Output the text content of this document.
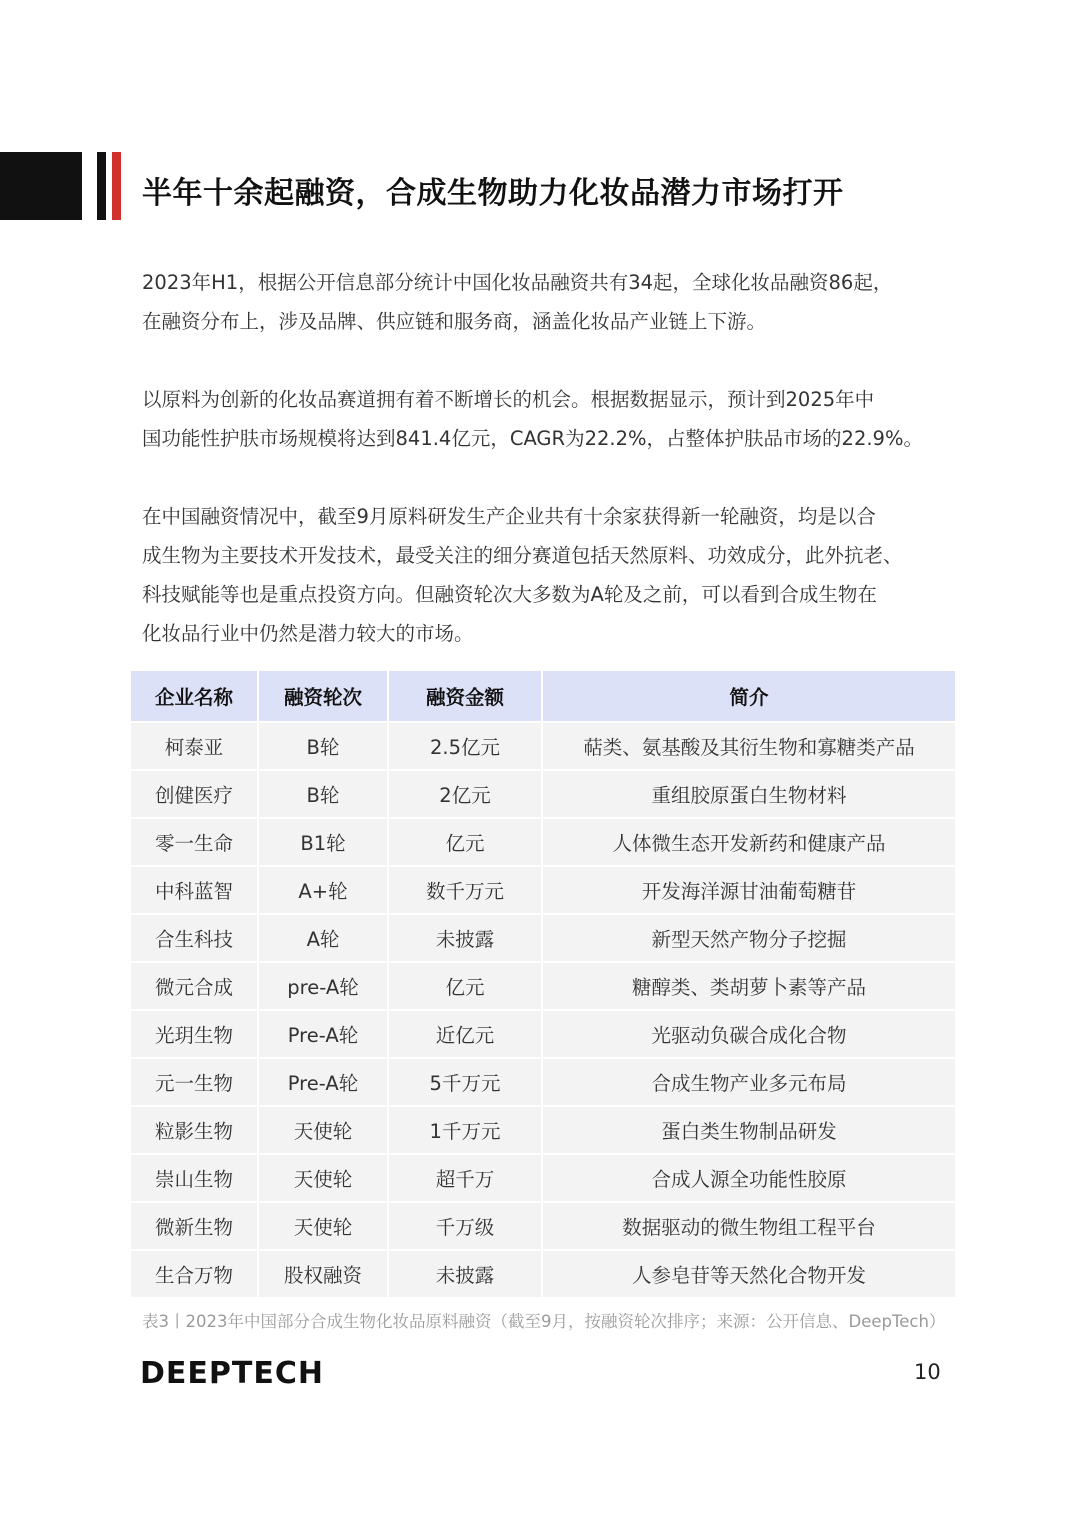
半年十余起融资，合成生物助力化妆品潜力市场打开

2023年H1，根据公开信息部分统计中国化妆品融资共有34起，全球化妆品融资86起，
在融资分布上，涉及品牌、供应链和服务商，涵盖化妆品产业链上下游。

以原料为创新的化妆品赛道拥有着不断增长的机会。根据数据显示，预计到2025年中
国功能性护肤市场规模将达到841.4亿元，CAGR为22.2%，占整体护肤品市场的22.9%。

在中国融资情况中，截至9月原料研发生产企业共有十余家获得新一轮融资，均是以合
成生物为主要技术开发技术，最受关注的细分赛道包括天然原料、功效成分，此外抗老、
科技赋能等也是重点投资方向。但融资轮次大多数为A轮及之前，可以看到合成生物在
化妆品行业中仍然是潜力较大的市场。

企业名称	融资轮次	融资金额	简介
柯泰亚	B轮	2.5亿元	萜类、氨基酸及其衍生物和寡糖类产品
创健医疗	B轮	2亿元	重组胶原蛋白生物材料
零一生命	B1轮	亿元	人体微生态开发新药和健康产品
中科蓝智	A+轮	数千万元	开发海洋源甘油葡萄糖苷
合生科技	A轮	未披露	新型天然产物分子挖掘
微元合成	pre-A轮	亿元	糖醇类、类胡萝卜素等产品
光玥生物	Pre-A轮	近亿元	光驱动负碳合成化合物
元一生物	Pre-A轮	5千万元	合成生物产业多元布局
粒影生物	天使轮	1千万元	蛋白类生物制品研发
崇山生物	天使轮	超千万	合成人源全功能性胶原
微新生物	天使轮	千万级	数据驱动的微生物组工程平台
生合万物	股权融资	未披露	人参皂苷等天然化合物开发
表3丨2023年中国部分合成生物化妆品原料融资（截至9月，按融资轮次排序；来源：公开信息、DeepTech）
DEEPTECH	10
